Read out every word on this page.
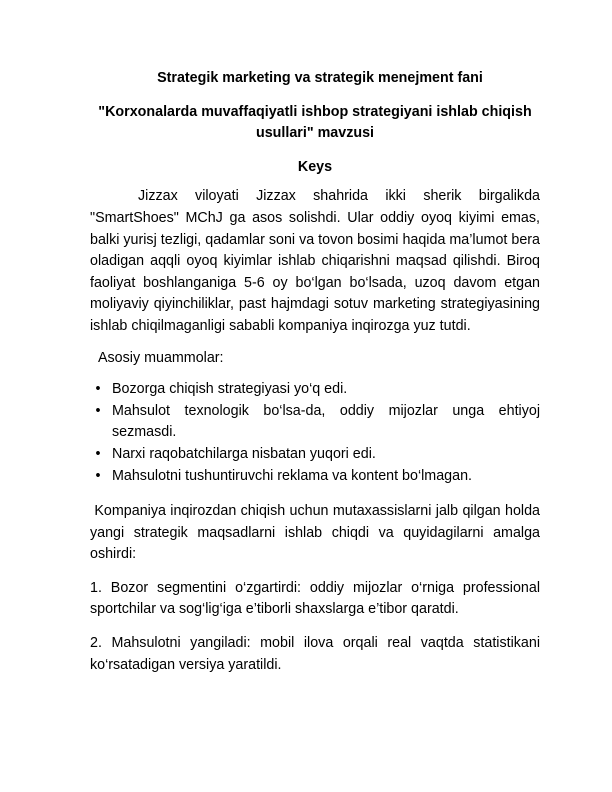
Strategik marketing va strategik menejment fani

"Korxonalarda muvaffaqiyatli ishbop strategiyani ishlab chiqish usullari" mavzusi

Keys

Jizzax viloyati Jizzax shahrida ikki sherik birgalikda "SmartShoes" MChJ ga asos solishdi. Ular oddiy oyoq kiyimi emas, balki yurisj tezligi, qadamlar soni va tovon bosimi haqida ma’lumot bera oladigan aqqli oyoq kiyimlar ishlab chiqarishni maqsad qilishdi. Biroq faoliyat boshlanganiga 5-6 oy bo‘lgan bo‘lsada, uzoq davom etgan moliyaviy qiyinchiliklar, past hajmdagi sotuv marketing strategiyasining ishlab chiqilmaganligi sababli kompaniya inqirozga yuz tutdi.

Asosiy muammolar:

• Bozorga chiqish strategiyasi yo‘q edi.
• Mahsulot texnologik bo‘lsa-da, oddiy mijozlar unga ehtiyoj sezmasdi.
• Narxi raqobatchilarga nisbatan yuqori edi.
• Mahsulotni tushuntiruvchi reklama va kontent bo‘lmagan.

Kompaniya inqirozdan chiqish uchun mutaxassislarni jalb qilgan holda yangi strategik maqsadlarni ishlab chiqdi va quyidagilarni amalga oshirdi:

1. Bozor segmentini o‘zgartirdi: oddiy mijozlar o‘rniga professional sportchilar va sog‘lig‘iga e’tiborli shaxslarga e’tibor qaratdi.

2. Mahsulotni yangiladi: mobil ilova orqali real vaqtda statistikani ko‘rsatadigan versiya yaratildi.
